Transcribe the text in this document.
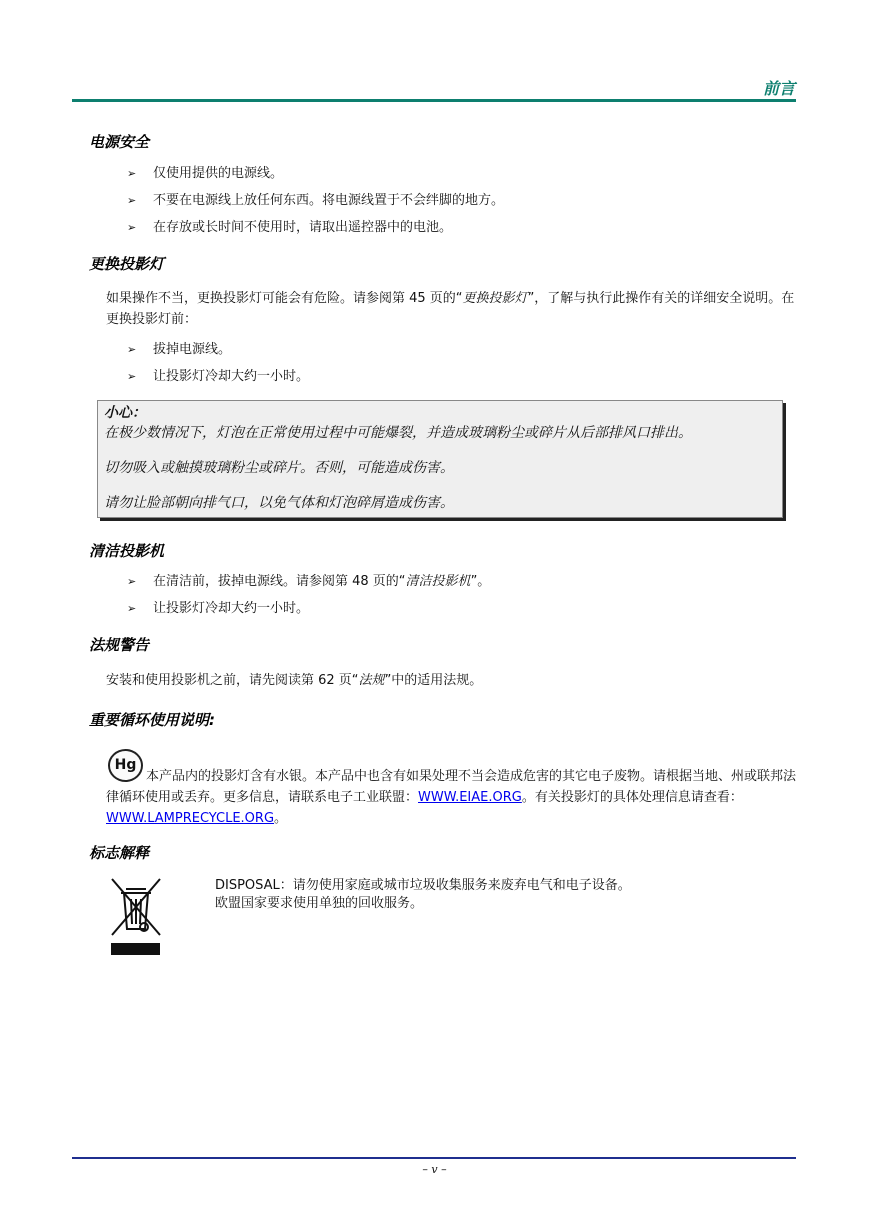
前言
电源安全
➢	仅使用提供的电源线。
➢	不要在电源线上放任何东西。将电源线置于不会绊脚的地方。
➢	在存放或长时间不使用时，请取出遥控器中的电池。
更换投影灯

如果操作不当，更换投影灯可能会有危险。请参阅第 45 页的“更换投影灯”，了解与执行此操作有关的详细安全说明。在更换投影灯前：

➢	拔掉电源线。
➢	让投影灯冷却大约一小时。
小心：
在极少数情况下，灯泡在正常使用过程中可能爆裂，并造成玻璃粉尘或碎片从后部排风口排出。
切勿吸入或触摸玻璃粉尘或碎片。否则，可能造成伤害。
请勿让脸部朝向排气口，以免气体和灯泡碎屑造成伤害。
清洁投影机
➢	在清洁前，拔掉电源线。请参阅第 48 页的“清洁投影机”。
➢	让投影灯冷却大约一小时。
法规警告

安装和使用投影机之前，请先阅读第 62 页“法规”中的适用法规。

重要循环使用说明:
Hg

本产品内的投影灯含有水银。本产品中也含有如果处理不当会造成危害的其它电子废物。请根据当地、州或联邦法律循环使用或丢弃。更多信息，请联系电子工业联盟：WWW.EIAE.ORG。有关投影灯的具体处理信息请查看：WWW.LAMPRECYCLE.ORG。

标志解释
DISPOSAL：请勿使用家庭或城市垃圾收集服务来废弃电气和电子设备。
欧盟国家要求使用单独的回收服务。
– v –
